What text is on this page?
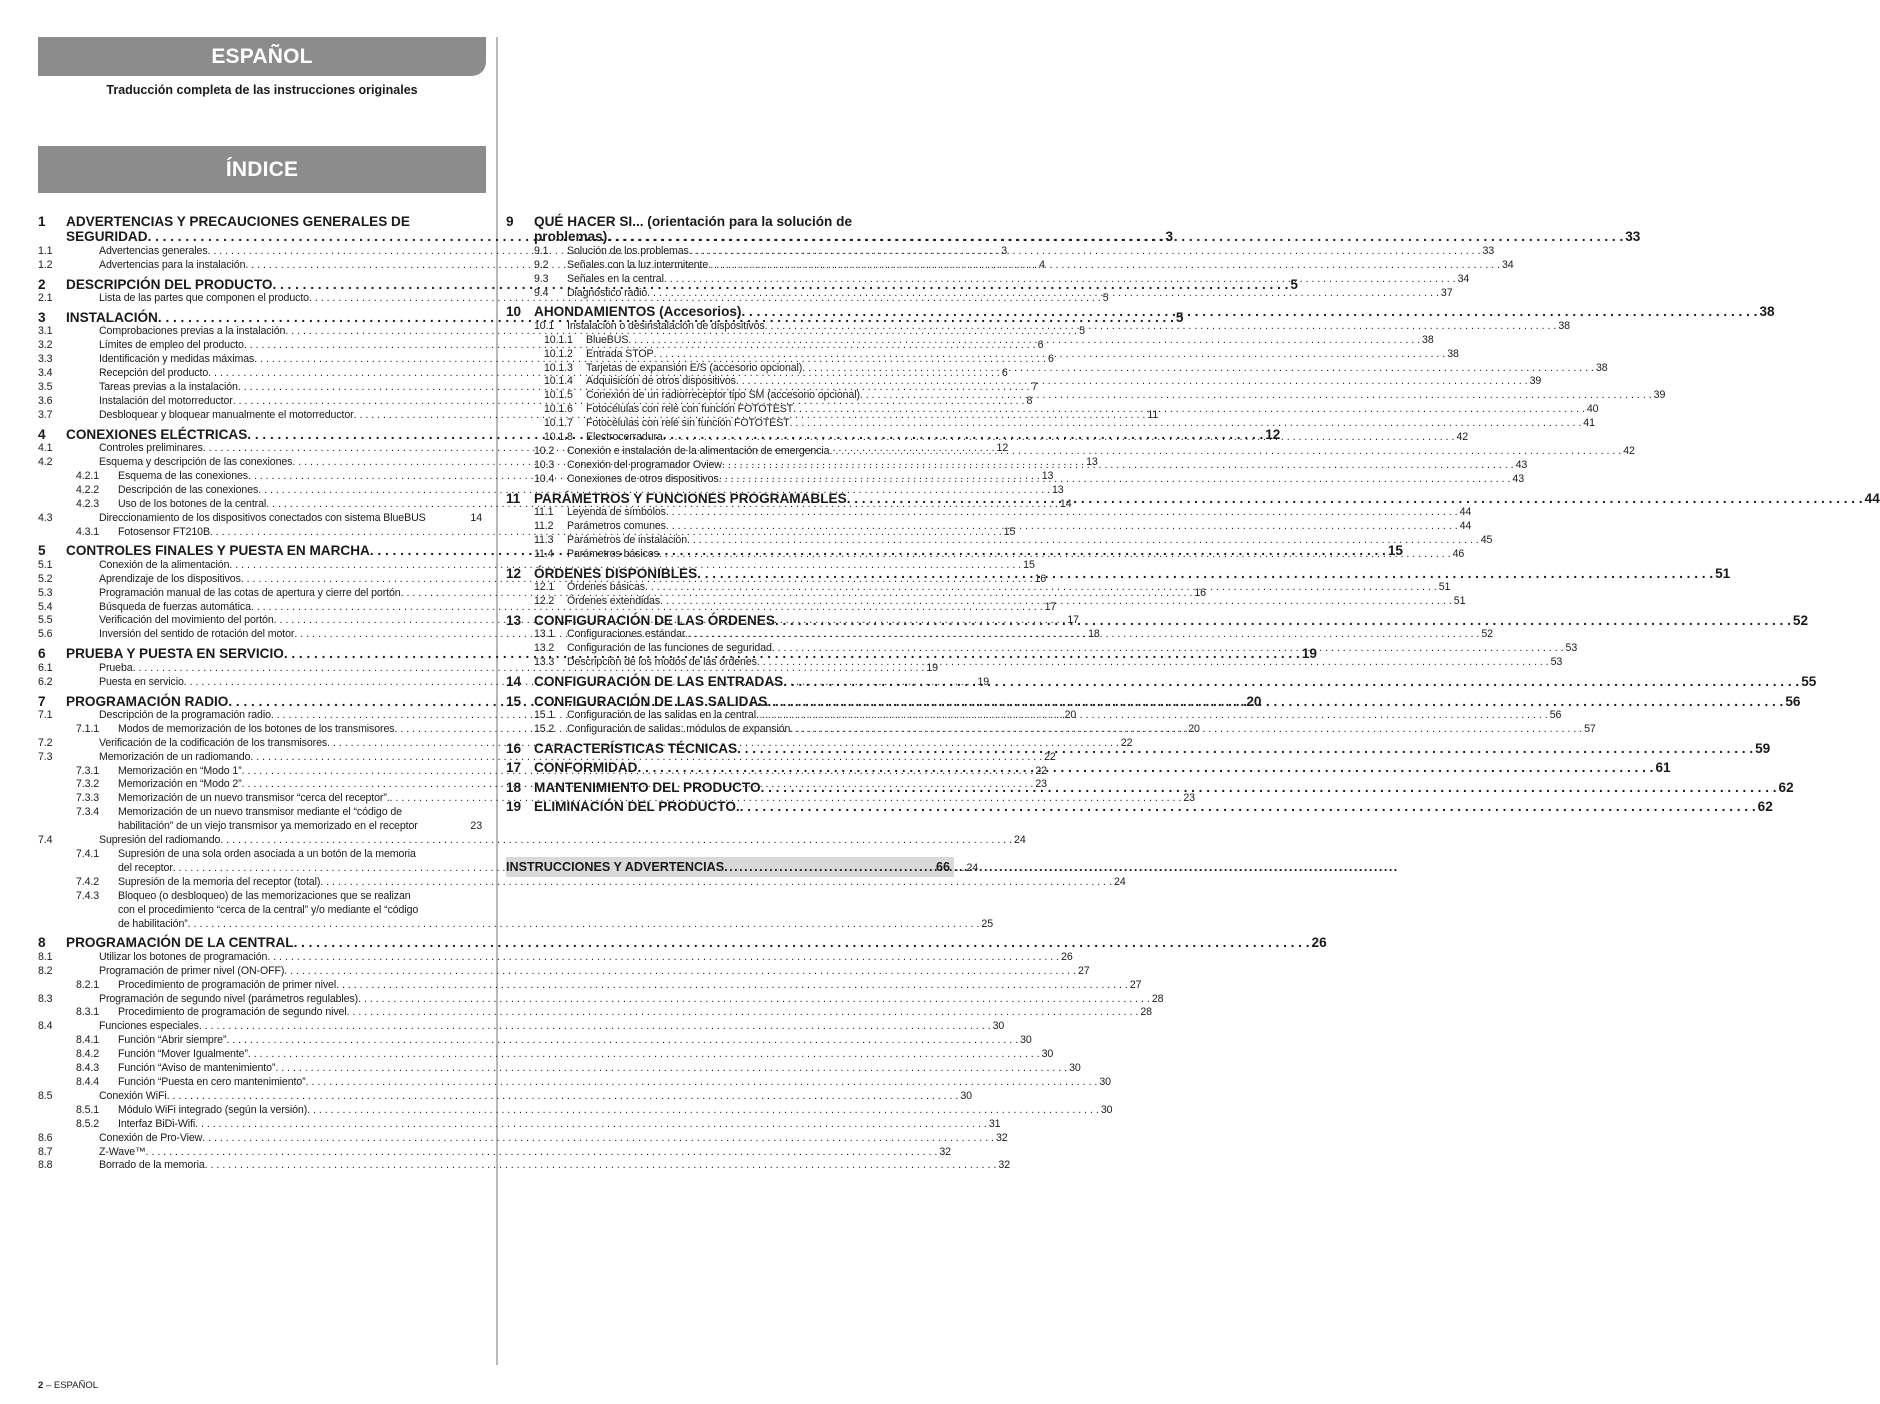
ESPAÑOL
Traducción completa de las instrucciones originales
ÍNDICE
1	ADVERTENCIAS Y PRECAUCIONES GENERALES DE
SEGURIDAD . . .	3
1.1	Advertencias generales . . .	3
1.2	Advertencias para la instalación . . .	4
2	DESCRIPCIÓN DEL PRODUCTO . . .	5
2.1	Lista de las partes que componen el producto . . .	5
3	INSTALACIÓN . . .	5
3.1	Comprobaciones previas a la instalación . . .	5
3.2	Límites de empleo del producto . . .	6
3.3	Identificación y medidas máximas . . .	6
3.4	Recepción del producto . . .	6
3.5	Tareas previas a la instalación . . .	7
3.6	Instalación del motorreductor . . .	8
3.7	Desbloquear y bloquear manualmente el motorreductor . . .	11
4	CONEXIONES ELÉCTRICAS . . .	12
4.1	Controles preliminares . . .	12
4.2	Esquema y descripción de las conexiones . . .	13
4.2.1	Esquema de las conexiones . . .	13
4.2.2	Descripción de las conexiones . . .	13
4.2.3	Uso de los botones de la central . . .	14
4.3	Direccionamiento de los dispositivos conectados con sistema BlueBUS	14
4.3.1	Fotosensor FT210B . . .	15
5	CONTROLES FINALES Y PUESTA EN MARCHA . . .	15
5.1	Conexión de la alimentación . . .	15
5.2	Aprendizaje de los dispositivos . . .	16
5.3	Programación manual de las cotas de apertura y cierre del portón . . .	16
5.4	Búsqueda de fuerzas automática . . .	17
5.5	Verificación del movimiento del portón . . .	17
5.6	Inversión del sentido de rotación del motor . . .	18
6	PRUEBA Y PUESTA EN SERVICIO . . .	19
6.1	Prueba . . .	19
6.2	Puesta en servicio . . .	19
7	PROGRAMACIÓN RADIO . . .	20
7.1	Descripción de la programación radio . . .	20
7.1.1	Modos de memorización de los botones de los transmisores . . .	20
7.2	Verificación de la codificación de los transmisores . . .	22
7.3	Memorización de un radiomando . . .	22
7.3.1	Memorización en “Modo 1” . . .	22
7.3.2	Memorización en “Modo 2” . . .	23
7.3.3	Memorización de un nuevo transmisor “cerca del receptor”. . . .	23
7.3.4	Memorización de un nuevo transmisor mediante el “código de
habilitación” de un viejo transmisor ya memorizado en el receptor	23
7.4	Supresión del radiomando . . .	24
7.4.1	Supresión de una sola orden asociada a un botón de la memoria
del receptor . . .	24
7.4.2	Supresión de la memoria del receptor (total) . . .	24
7.4.3	Bloqueo (o desbloqueo) de las memorizaciones que se realizan
con el procedimiento “cerca de la central” y/o mediante el “código
de habilitación” . . .	25
8	PROGRAMACIÓN DE LA CENTRAL . . .	26
8.1	Utilizar los botones de programación . . .	26
8.2	Programación de primer nivel (ON-OFF) . . .	27
8.2.1	Procedimiento de programación de primer nivel . . .	27
8.3	Programación de segundo nivel (parámetros regulables) . . .	28
8.3.1	Procedimiento de programación de segundo nivel . . .	28
8.4	Funciones especiales . . .	30
8.4.1	Función “Abrir siempre” . . .	30
8.4.2	Función “Mover Igualmente” . . .	30
8.4.3	Función “Aviso de mantenimiento” . . .	30
8.4.4	Función “Puesta en cero mantenimiento” . . .	30
8.5	Conexión WiFi . . .	30
8.5.1	Módulo WiFi integrado (según la versión) . . .	30
8.5.2	Interfaz BiDi-Wifi . . .	31
8.6	Conexión de Pro-View . . .	32
8.7	Z-Wave™ . . .	32
8.8	Borrado de la memoria . . .	32
9	QUÉ HACER SI... (orientación para la solución de
problemas) . . .	33
9.1	Solución de los problemas . . .	33
9.2	Señales con la luz intermitente . . .	34
9.3	Señales en la central . . .	34
9.4	Diagnóstico radio . . .	37
10 AHONDAMIENTOS (Accesorios) . . .	38
10.1	Instalación o desinstalación de dispositivos . . .	38
10.1.1	BlueBUS . . .	38
10.1.2	Entrada STOP . . .	38
10.1.3	Tarjetas de expansión E/S (accesorio opcional) . . .	38
10.1.4	Adquisición de otros dispositivos . . .	39
10.1.5	Conexión de un radiorreceptor tipo SM (accesorio opcional) . . .	39
10.1.6	Fotocélulas con relé con función FOTOTEST . . .	40
10.1.7	Fotocélulas con relé sin función FOTOTEST . . .	41
10.1.8	Electrocerradura . . .	42
10.2	Conexión e instalación de la alimentación de emergencia . . .	42
10.3	Conexión del programador Oview . . .	43
10.4	Conexiones de otros dispositivos . . .	43
11	PARÁMETROS Y FUNCIONES PROGRAMABLES . . .	44
11.1	Leyenda de símbolos . . .	44
11.2	Parámetros comunes . . .	44
11.3	Parámetros de instalación . . .	45
11.4	Parámetros básicos . . .	46
12 ÓRDENES DISPONIBLES . . .	51
12.1	Órdenes básicas . . .	51
12.2	Órdenes extendidas . . .	51
13 CONFIGURACIÓN DE LAS ÓRDENES . . .	52
13.1	Configuraciones estándar. . . .	52
13.2	Configuración de las funciones de seguridad . . .	53
13.3	Descripción de los modos de las órdenes . . .	53
14 CONFIGURACIÓN DE LAS ENTRADAS . . .	55
15 CONFIGURACIÓN DE LAS SALIDAS . . .	56
15.1	Configuración de las salidas en la central . . .	56
15.2	Configuración de salidas: módulos de expansión . . .	57
16 CARACTERÍSTICAS TÉCNICAS . . .	59
17 CONFORMIDAD . . .	61
18 MANTENIMIENTO DEL PRODUCTO . . .	62
19 ELIMINACIÓN DEL PRODUCTO. . . .	62
INSTRUCCIONES Y ADVERTENCIAS . . .	66
2 – ESPAÑOL
